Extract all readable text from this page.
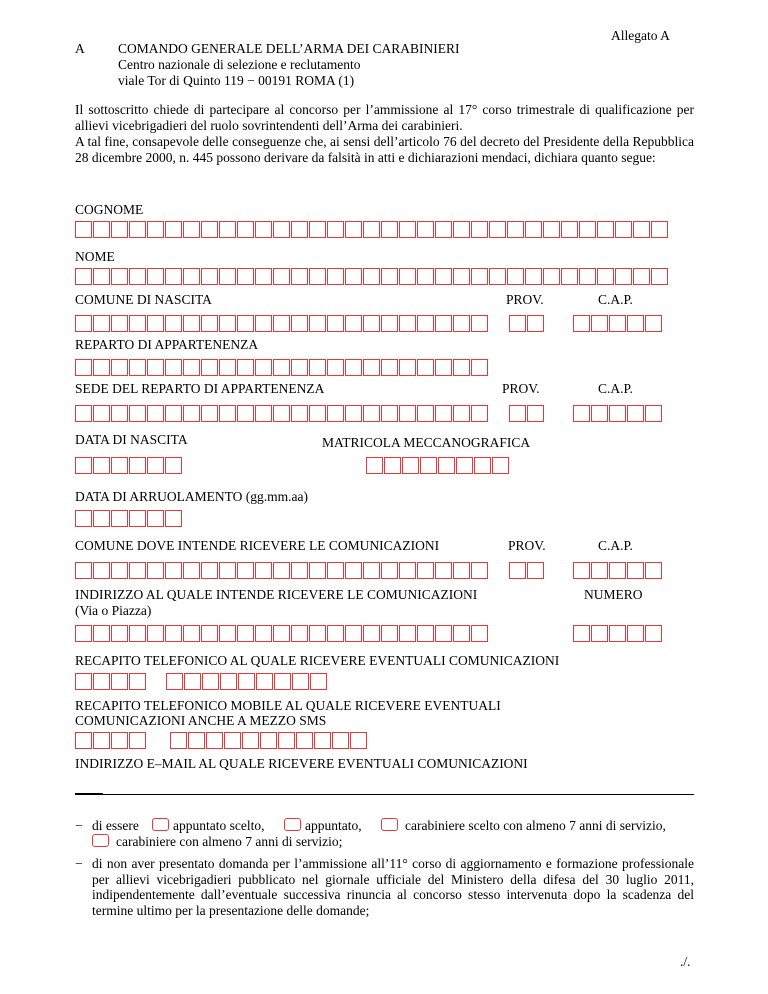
Allegato A
A COMANDO GENERALE DELL’ARMA DEI CARABINIERI
Centro nazionale di selezione e reclutamento
viale Tor di Quinto 119 − 00191 ROMA (1)
Il sottoscritto chiede di partecipare al concorso per l’ammissione al 17° corso trimestrale di qualificazione per allievi vicebrigadieri del ruolo sovrintendenti dell’Arma dei carabinieri.
A tal fine, consapevole delle conseguenze che, ai sensi dell’articolo 76 del decreto del Presidente della Repubblica 28 dicembre 2000, n. 445 possono derivare da falsità in atti e dichiarazioni mendaci, dichiara quanto segue:
COGNOME
NOME
COMUNE DI NASCITA	PROV.	C.A.P.
REPARTO DI APPARTENENZA
SEDE DEL REPARTO DI APPARTENENZA	PROV.	C.A.P.
DATA DI NASCITA	MATRICOLA MECCANOGRAFICA
DATA DI ARRUOLAMENTO (gg.mm.aa)
COMUNE DOVE INTENDE RICEVERE LE COMUNICAZIONI	PROV.	C.A.P.
INDIRIZZO AL QUALE INTENDE RICEVERE LE COMUNICAZIONI
(Via o Piazza)
NUMERO
RECAPITO TELEFONICO AL QUALE RICEVERE EVENTUALI COMUNICAZIONI
RECAPITO TELEFONICO MOBILE AL QUALE RICEVERE EVENTUALI
COMUNICAZIONI ANCHE A MEZZO SMS
INDIRIZZO E–MAIL AL QUALE RICEVERE EVENTUALI COMUNICAZIONI
− di essere	appuntato scelto,	appuntato,	carabiniere scelto con almeno 7 anni di servizio,
carabiniere con almeno 7 anni di servizio;
− di non aver presentato domanda per l’ammissione all’11° corso di aggiornamento e formazione professionale per allievi vicebrigadieri pubblicato nel giornale ufficiale del Ministero della difesa del 30 luglio 2011, indipendentemente dall’eventuale successiva rinuncia al concorso stesso intervenuta dopo la scadenza del termine ultimo per la presentazione delle domande;
./.
